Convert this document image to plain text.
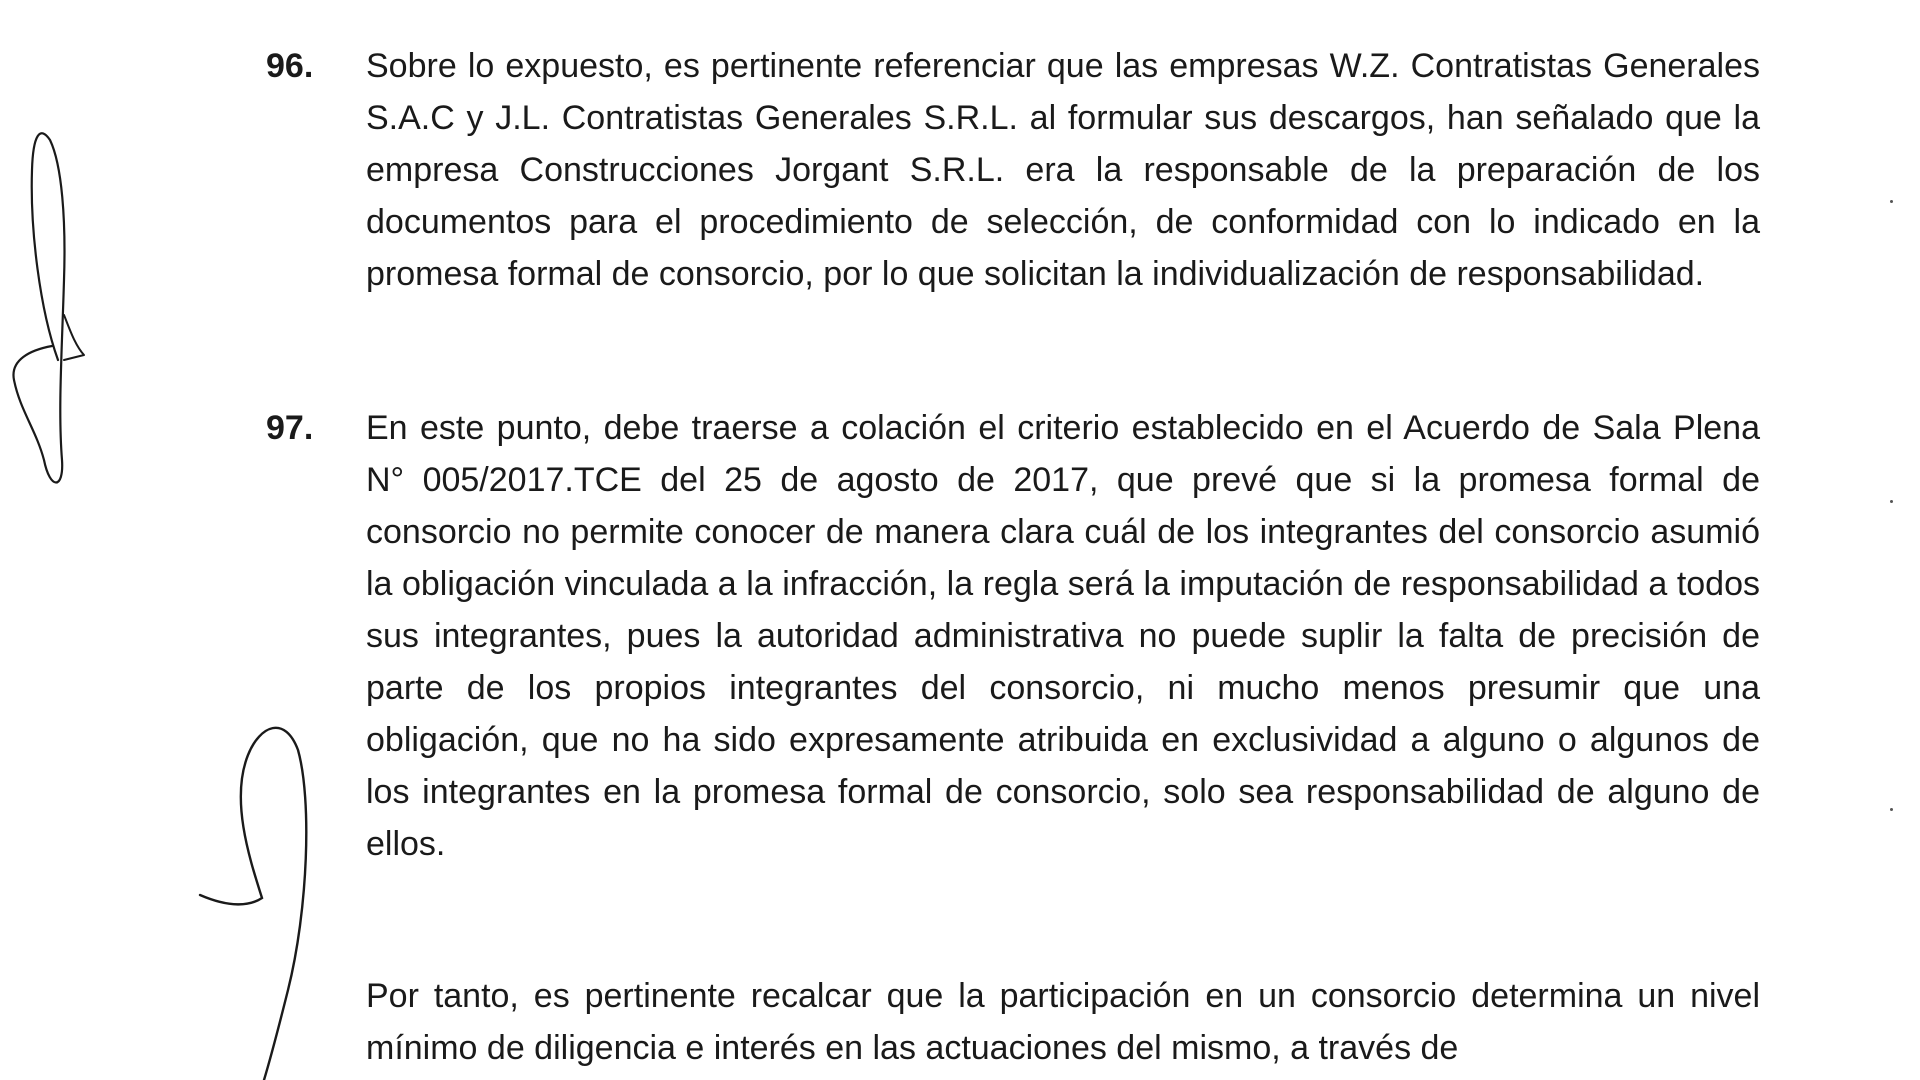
96. Sobre lo expuesto, es pertinente referenciar que las empresas W.Z. Contratistas Generales S.A.C y J.L. Contratistas Generales S.R.L. al formular sus descargos, han señalado que la empresa Construcciones Jorgant S.R.L. era la responsable de la preparación de los documentos para el procedimiento de selección, de conformidad con lo indicado en la promesa formal de consorcio, por lo que solicitan la individualización de responsabilidad.
97. En este punto, debe traerse a colación el criterio establecido en el Acuerdo de Sala Plena N° 005/2017.TCE del 25 de agosto de 2017, que prevé que si la promesa formal de consorcio no permite conocer de manera clara cuál de los integrantes del consorcio asumió la obligación vinculada a la infracción, la regla será la imputación de responsabilidad a todos sus integrantes, pues la autoridad administrativa no puede suplir la falta de precisión de parte de los propios integrantes del consorcio, ni mucho menos presumir que una obligación, que no ha sido expresamente atribuida en exclusividad a alguno o algunos de los integrantes en la promesa formal de consorcio, solo sea responsabilidad de alguno de ellos.
Por tanto, es pertinente recalcar que la participación en un consorcio determina un nivel mínimo de diligencia e interés en las actuaciones del mismo, a través de
